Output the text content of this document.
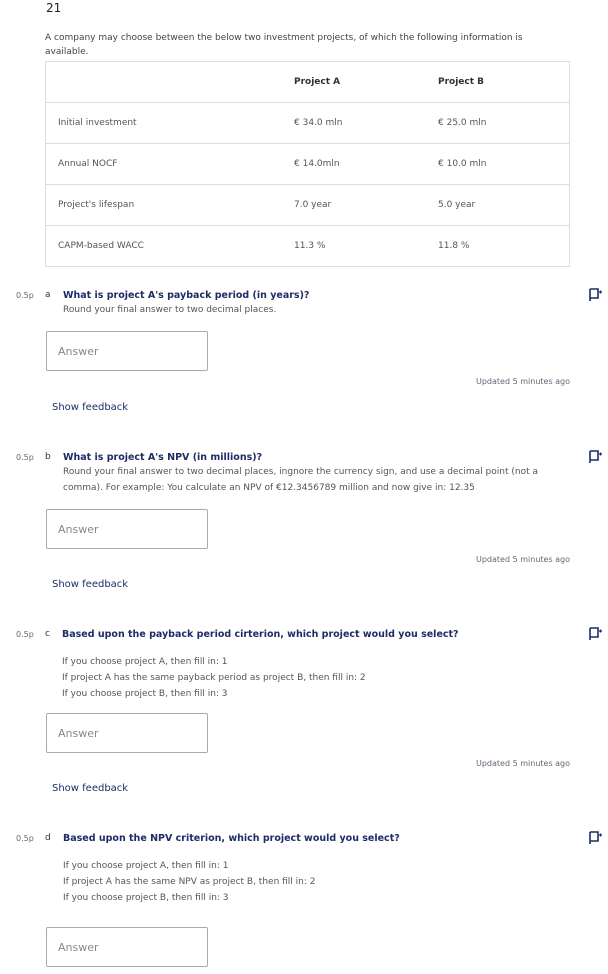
21
A company may choose between the below two investment projects, of which the following information is available.
	Project A	Project B
Initial investment	€ 34.0 mln	€ 25.0 mln
Annual NOCF	€ 14.0mln	€ 10.0 mln
Project's lifespan	7.0 year	5.0 year
CAPM-based WACC	11.3 %	11.8 %
0.5p a What is project A's payback period (in years)?
Round your final answer to two decimal places.
Answer
Updated 5 minutes ago
Show feedback
0.5p b What is project A's NPV (in millions)?
Round your final answer to two decimal places, ingnore the currency sign, and use a decimal point (not a
comma). For example: You calculate an NPV of €12.3456789 million and now give in: 12.35
Answer
Updated 5 minutes ago
Show feedback
0.5p c Based upon the payback period cirterion, which project would you select?
If you choose project A, then fill in: 1
If project A has the same payback period as project B, then fill in: 2
If you choose project B, then fill in: 3
Answer
Updated 5 minutes ago
Show feedback
0.5p d Based upon the NPV criterion, which project would you select?
If you choose project A, then fill in: 1
If project A has the same NPV as project B, then fill in: 2
If you choose project B, then fill in: 3
Answer
